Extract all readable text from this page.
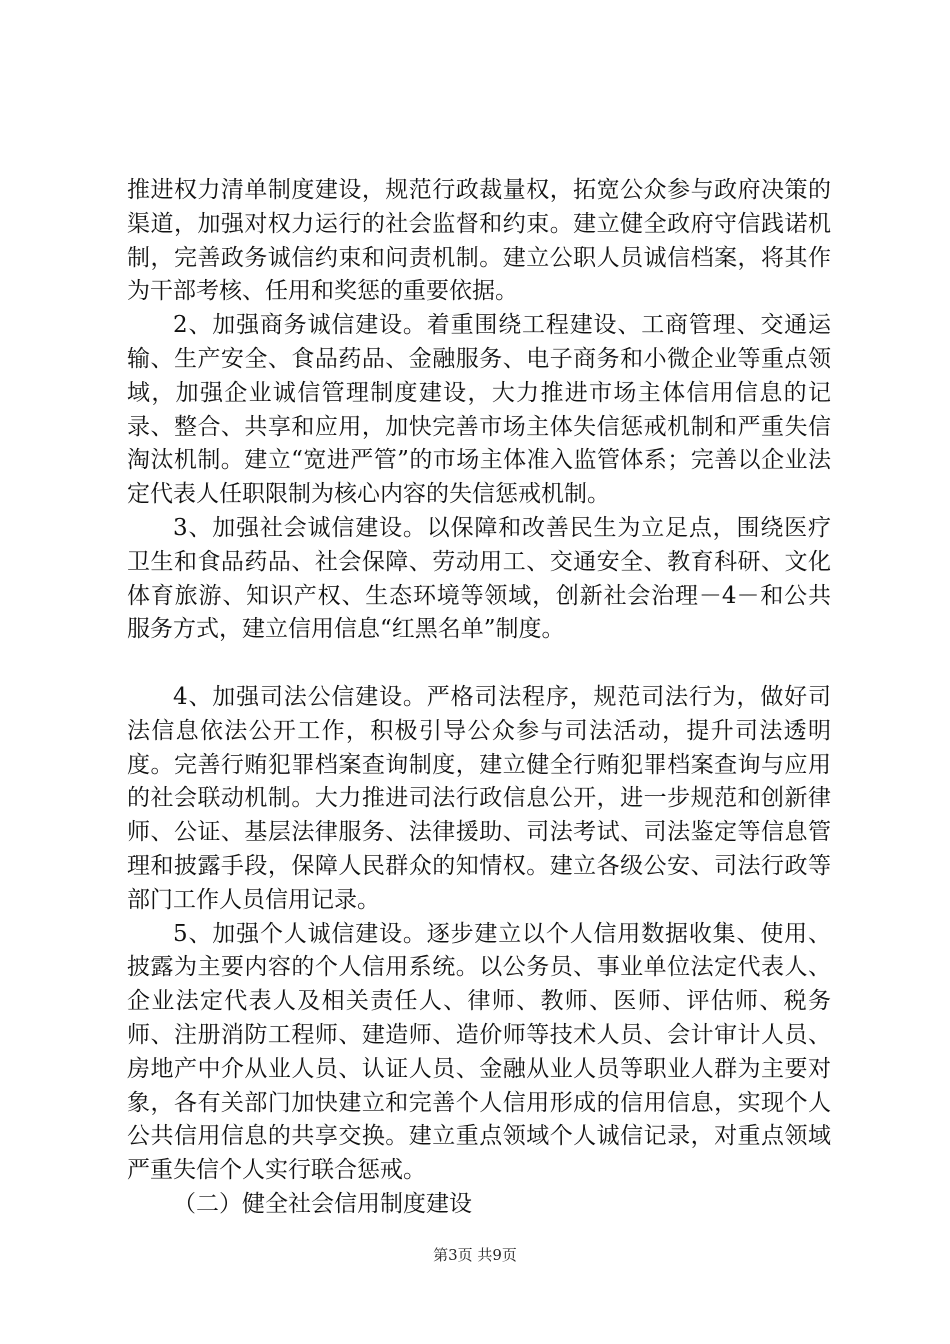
推进权力清单制度建设，规范行政裁量权，拓宽公众参与政府决策的渠道，加强对权力运行的社会监督和约束。建立健全政府守信践诺机制，完善政务诚信约束和问责机制。建立公职人员诚信档案，将其作为干部考核、任用和奖惩的重要依据。

2、加强商务诚信建设。着重围绕工程建设、工商管理、交通运输、生产安全、食品药品、金融服务、电子商务和小微企业等重点领域，加强企业诚信管理制度建设，大力推进市场主体信用信息的记录、整合、共享和应用，加快完善市场主体失信惩戒机制和严重失信淘汰机制。建立“宽进严管”的市场主体准入监管体系；完善以企业法定代表人任职限制为核心内容的失信惩戒机制。

3、加强社会诚信建设。以保障和改善民生为立足点，围绕医疗卫生和食品药品、社会保障、劳动用工、交通安全、教育科研、文化体育旅游、知识产权、生态环境等领域，创新社会治理－4－和公共服务方式，建立信用信息“红黑名单”制度。

4、加强司法公信建设。严格司法程序，规范司法行为，做好司法信息依法公开工作，积极引导公众参与司法活动，提升司法透明度。完善行贿犯罪档案查询制度，建立健全行贿犯罪档案查询与应用的社会联动机制。大力推进司法行政信息公开，进一步规范和创新律师、公证、基层法律服务、法律援助、司法考试、司法鉴定等信息管理和披露手段，保障人民群众的知情权。建立各级公安、司法行政等部门工作人员信用记录。

5、加强个人诚信建设。逐步建立以个人信用数据收集、使用、披露为主要内容的个人信用系统。以公务员、事业单位法定代表人、企业法定代表人及相关责任人、律师、教师、医师、评估师、税务师、注册消防工程师、建造师、造价师等技术人员、会计审计人员、房地产中介从业人员、认证人员、金融从业人员等职业人群为主要对象，各有关部门加快建立和完善个人信用形成的信用信息，实现个人公共信用信息的共享交换。建立重点领域个人诚信记录，对重点领域严重失信个人实行联合惩戒。

（二）健全社会信用制度建设

第3页 共9页
